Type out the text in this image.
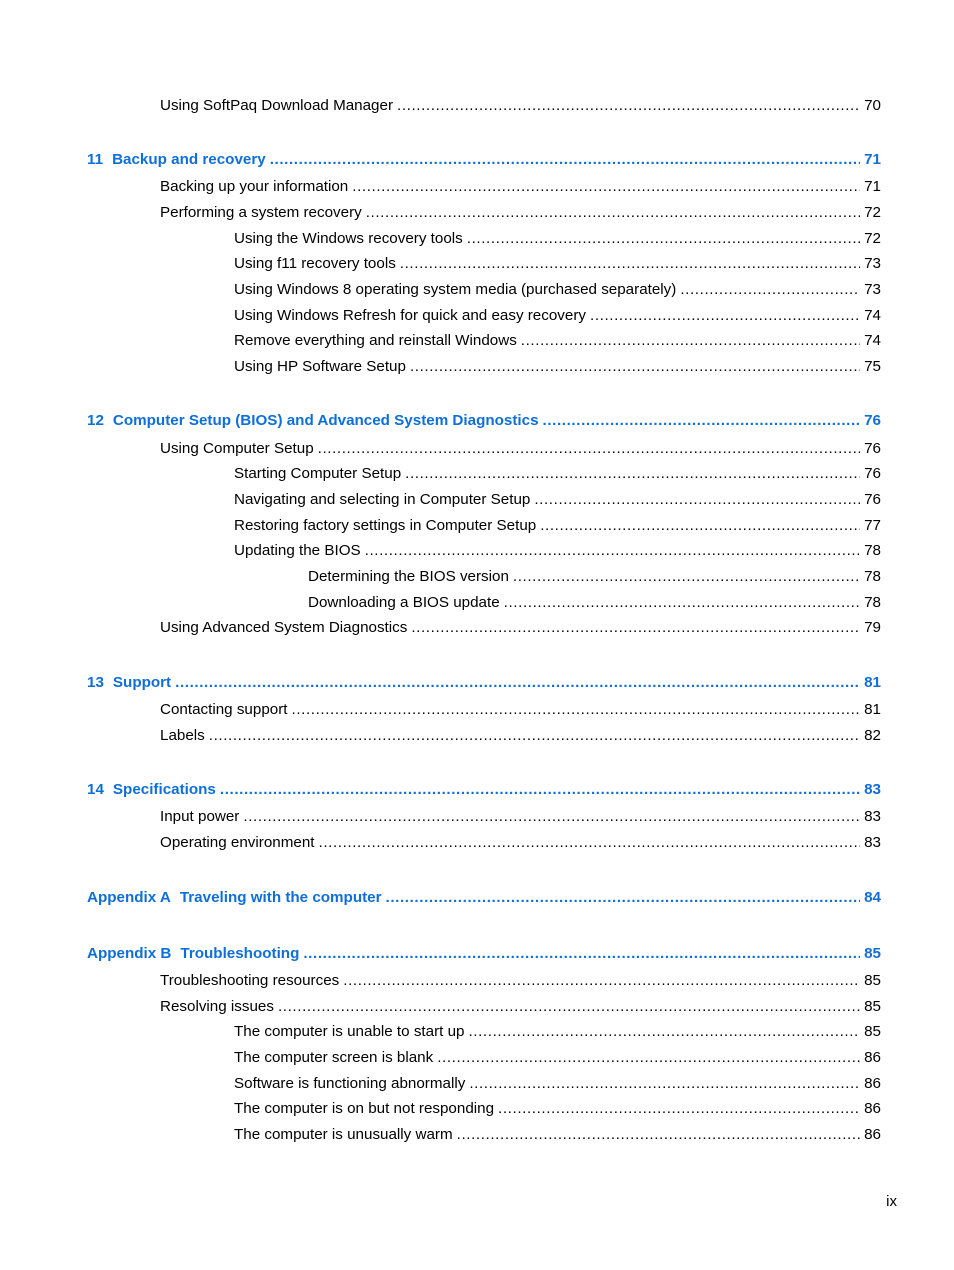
Using SoftPaq Download Manager .....	70
11 Backup and recovery .....	71
Backing up your information .....	71
Performing a system recovery .....	72
Using the Windows recovery tools .....	72
Using f11 recovery tools .....	73
Using Windows 8 operating system media (purchased separately) .....	73
Using Windows Refresh for quick and easy recovery .....	74
Remove everything and reinstall Windows .....	74
Using HP Software Setup .....	75
12 Computer Setup (BIOS) and Advanced System Diagnostics .....	76
Using Computer Setup .....	76
Starting Computer Setup .....	76
Navigating and selecting in Computer Setup .....	76
Restoring factory settings in Computer Setup .....	77
Updating the BIOS .....	78
Determining the BIOS version .....	78
Downloading a BIOS update .....	78
Using Advanced System Diagnostics .....	79
13 Support .....	81
Contacting support .....	81
Labels .....	82
14 Specifications .....	83
Input power .....	83
Operating environment .....	83
Appendix A Traveling with the computer .....	84
Appendix B Troubleshooting .....	85
Troubleshooting resources .....	85
Resolving issues .....	85
The computer is unable to start up .....	85
The computer screen is blank .....	86
Software is functioning abnormally .....	86
The computer is on but not responding .....	86
The computer is unusually warm .....	86
ix
